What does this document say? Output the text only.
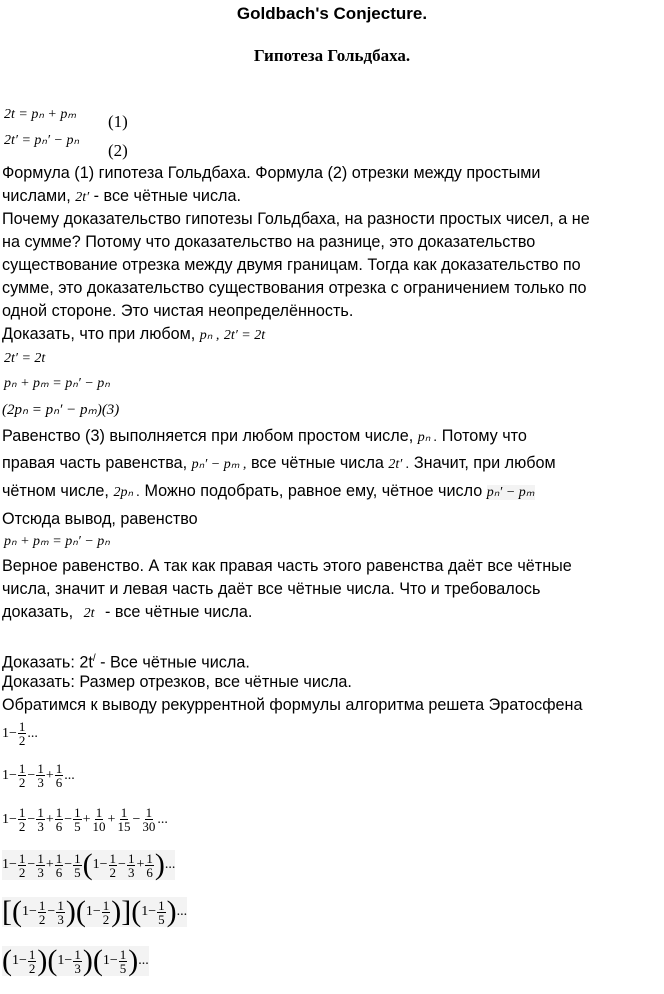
Goldbach's Conjecture.
Гипотеза Гольдбаха.
2t = pₙ + pₘ (1)
2t′ = pₙ′ − pₙ
(2)
Формула (1) гипотеза Гольдбаха. Формула (2) отрезки между простыми
числами, 2t′ - все чётные числа.
Почему доказательство гипотезы Гольдбаха, на разности простых чисел, а не
на сумме? Потому что доказательство на разнице, это доказательство
существование отрезка между двумя границам. Тогда как доказательство по
сумме, это доказательство существования отрезка с ограничением только по
одной стороне. Это чистая неопределённость.
Доказать, что при любом, pₙ , 2t′ = 2t
2t′ = 2t
pₙ + pₘ = pₙ′ − pₙ
(2pₙ = pₙ′ − pₘ)(3)
Равенство (3) выполняется при любом простом числе, pₙ . Потому что
правая часть равенства, pₙ′ − pₘ , все чётные числа 2t′ . Значит, при любом
чётном числе, 2pₙ . Можно подобрать, равное ему, чётное число pₙ′ − pₘ
Отсюда вывод, равенство
pₙ + pₘ = pₙ′ − pₙ
Верное равенство. А так как правая часть этого равенства даёт все чётные
числа, значит и левая часть даёт все чётные числа. Что и требовалось
доказать, 2t - все чётные числа.
Доказать: 2t/ - Все чётные числа.
Доказать: Размер отрезков, все чётные числа.
Обратимся к выводу рекуррентной формулы алгоритма решета Эратосфена
$1 - \frac{1}{2}$ ...
$1 - \frac{1}{2} - \frac{1}{3} + \frac{1}{6}$ ...
$1 - \frac{1}{2} - \frac{1}{3} + \frac{1}{6} - \frac{1}{5} + \frac{1}{10} + \frac{1}{15} - \frac{1}{30}$ ...
$1 - \frac{1}{2} - \frac{1}{3} + \frac{1}{6} - \frac{1}{5}$ ( $1 - \frac{1}{2} - \frac{1}{3} + \frac{1}{6}$ ) ...
[ ( $1 - \frac{1}{2} - \frac{1}{3}$ ) ( $1 - \frac{1}{2}$ ) ] ( $1 - \frac{1}{5}$ ) ...
( $1 - \frac{1}{2}$ ) ( $1 - \frac{1}{3}$ ) ( $1 - \frac{1}{5}$ ) ...
